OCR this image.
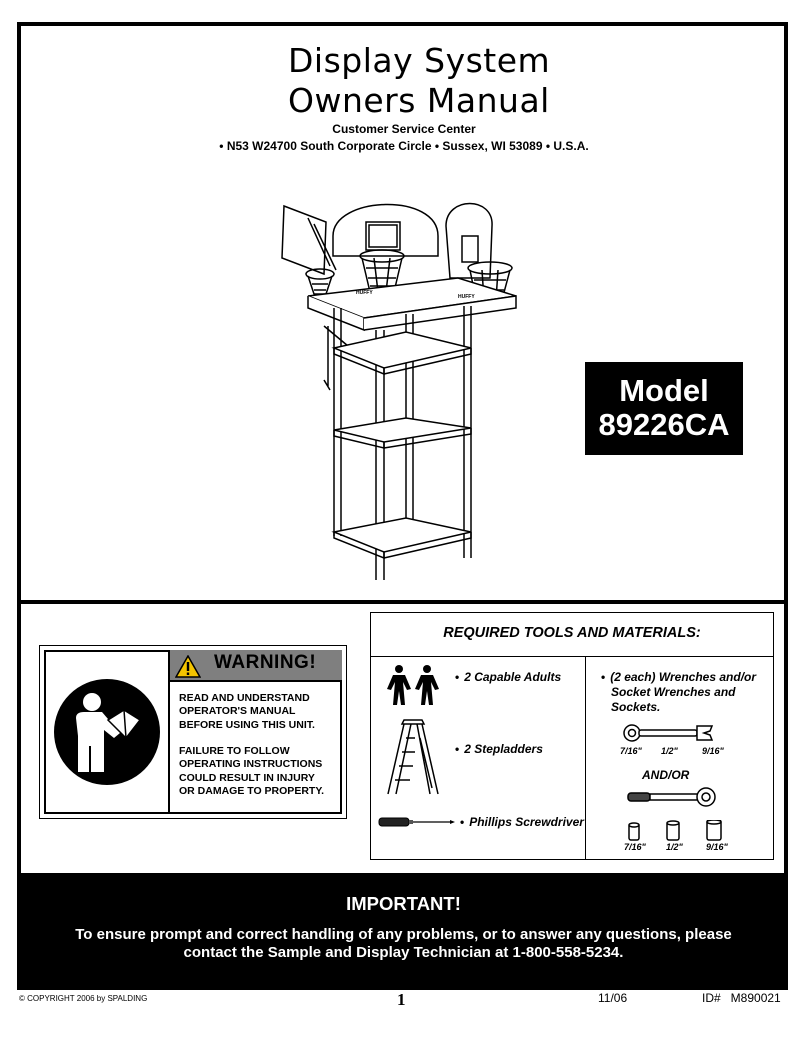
Display System
Owners Manual
Customer Service Center
• N53 W24700 South Corporate Circle • Sussex, WI 53089 • U.S.A.
HUFFY
HUFFY
Model
89226CA
WARNING!
READ AND UNDERSTAND
OPERATOR'S MANUAL
BEFORE USING THIS UNIT.
FAILURE TO FOLLOW
OPERATING INSTRUCTIONS
COULD RESULT IN INJURY
OR DAMAGE TO PROPERTY.
REQUIRED TOOLS AND MATERIALS:
• 2 Capable Adults
• 2 Stepladders
• Phillips Screwdriver
• (2 each) Wrenches and/or
Socket Wrenches and
Sockets.
7/16" 1/2"	9/16"
AND/OR
7/16" 1/2"	9/16"
IMPORTANT!
To ensure prompt and correct handling of any problems, or to answer any questions, please
contact the Sample and Display Technician at 1-800-558-5234.
© COPYRIGHT 2006 by SPALDING	1	11/06	ID#   M890021
